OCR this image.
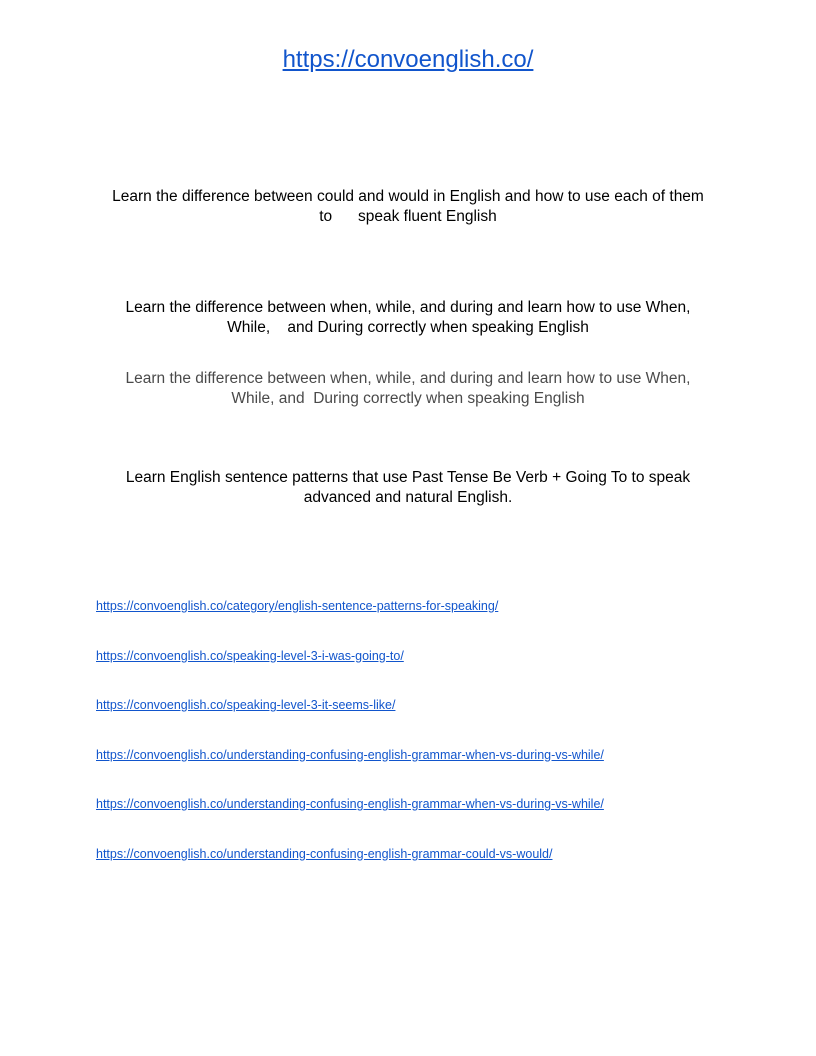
https://convoenglish.co/

Learn the difference between could and would in English and how to use each of them
to      speak fluent English

Learn the difference between when, while, and during and learn how to use When,
While,    and During correctly when speaking English

Learn the difference between when, while, and during and learn how to use When,
While, and  During correctly when speaking English

Learn English sentence patterns that use Past Tense Be Verb + Going To to speak
advanced and natural English.

https://convoenglish.co/category/english-sentence-patterns-for-speaking/
https://convoenglish.co/speaking-level-3-i-was-going-to/
https://convoenglish.co/speaking-level-3-it-seems-like/
https://convoenglish.co/understanding-confusing-english-grammar-when-vs-during-vs-while/
https://convoenglish.co/understanding-confusing-english-grammar-when-vs-during-vs-while/
https://convoenglish.co/understanding-confusing-english-grammar-could-vs-would/
